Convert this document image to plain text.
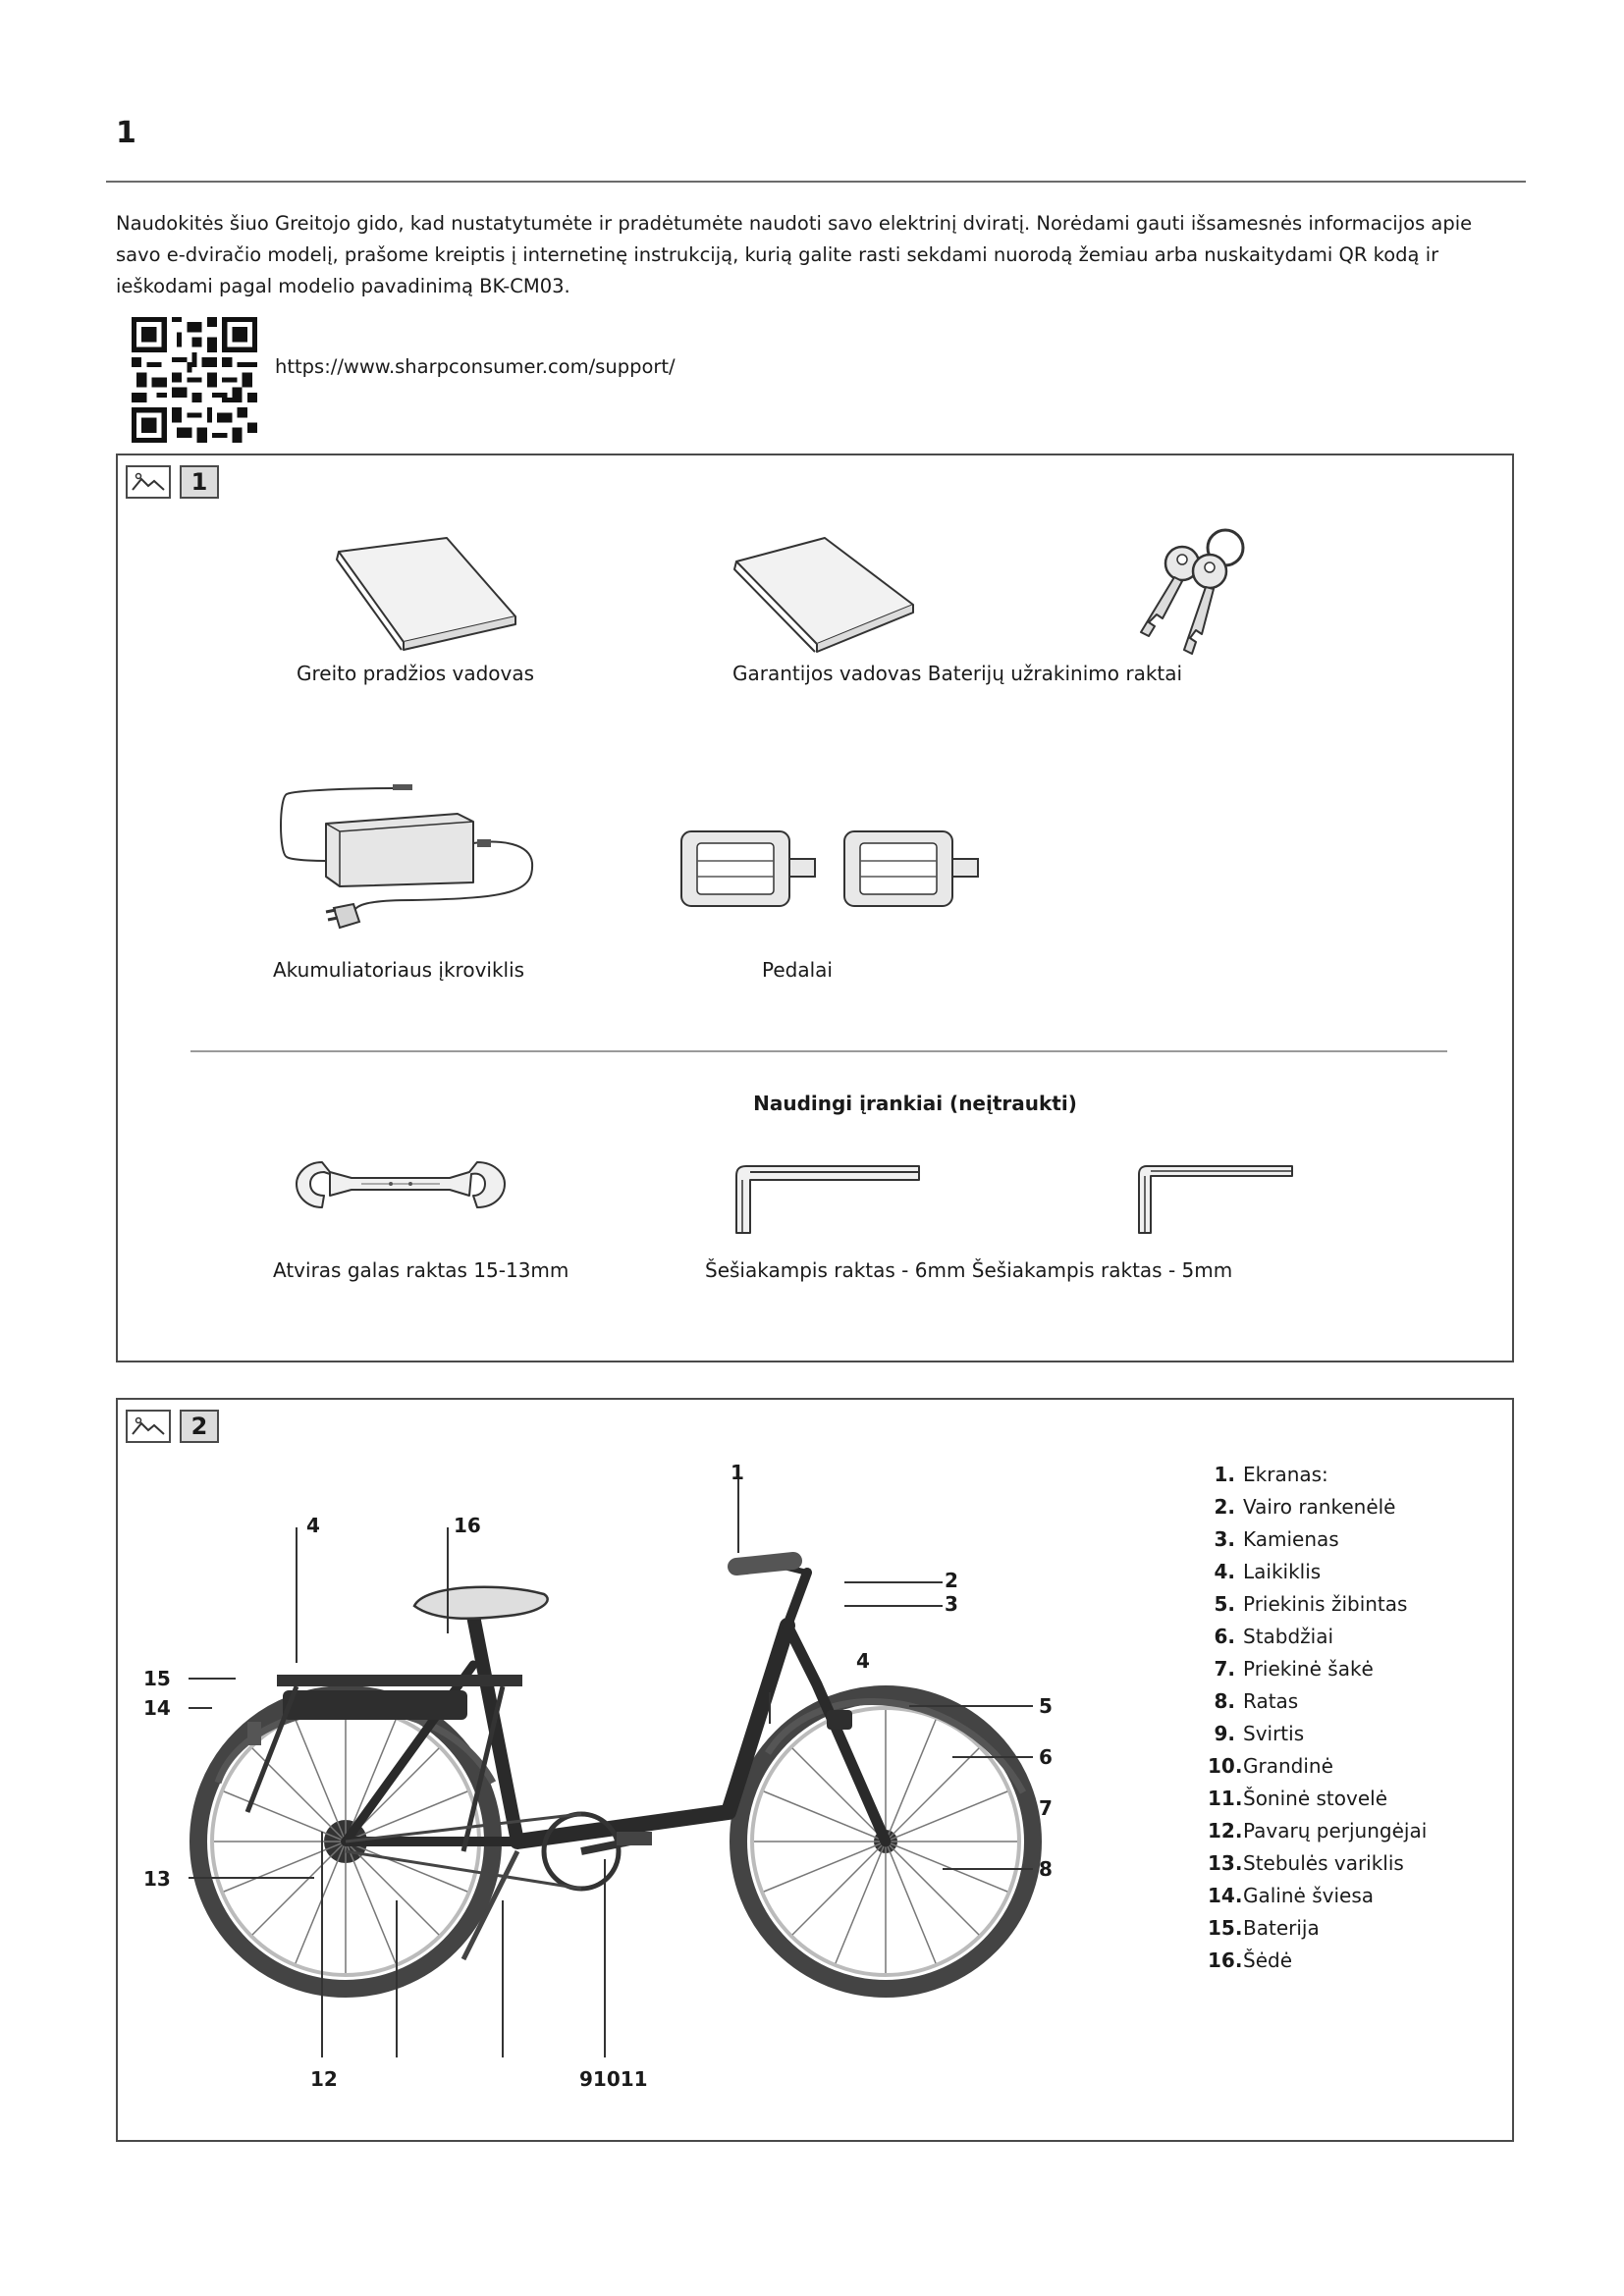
1
Naudokitės šiuo Greitojo gido, kad nustatytumėte ir pradėtumėte naudoti savo elektrinį dviratį. Norėdami gauti išsamesnės informacijos apie savo e-dviračio modelį, prašome kreiptis į internetinę instrukciją, kurią galite rasti sekdami nuorodą žemiau arba nuskaitydami QR kodą ir ieškodami pagal modelio pavadinimą BK-CM03.
https://www.sharpconsumer.com/support/
1
Greito pradžios vadovas	Garantijos vadovas Baterijų užrakinimo raktai
Akumuliatoriaus įkroviklis	Pedalai
Naudingi įrankiai (neįtraukti)
Atviras galas raktas 15-13mm	Šešiakampis raktas - 6mm Šešiakampis raktas - 5mm
2
SHARP
1
2
3
4	16
4
5
6
7
8
15
14
13
12	91011
1. Ekranas:
2. Vairo rankenėlė
3. Kamienas
4. Laikiklis
5. Priekinis žibintas
6. Stabdžiai
7. Priekinė šakė
8. Ratas
9. Svirtis
10. Grandinė
11. Šoninė stovelė
12. Pavarų perjungėjai
13. Stebulės variklis
14. Galinė šviesa
15. Baterija
16. Šėdė
